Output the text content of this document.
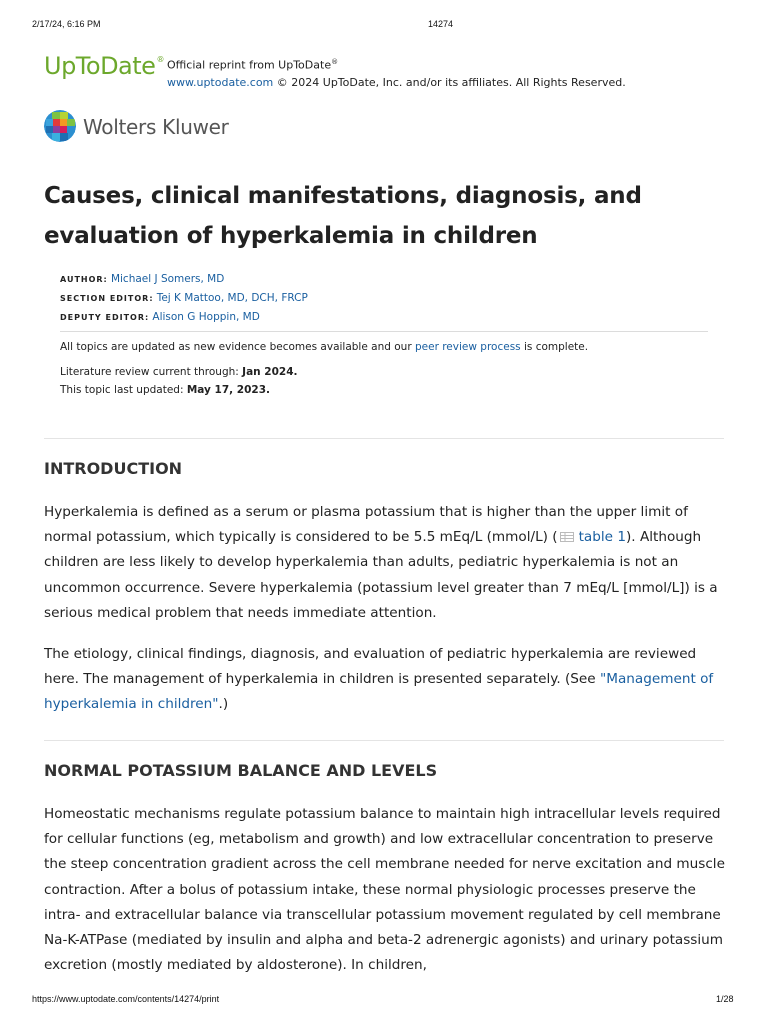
2/17/24, 6:16 PM	14274
UpToDate® Official reprint from UpToDate®
www.uptodate.com © 2024 UpToDate, Inc. and/or its affiliates. All Rights Reserved.
Wolters Kluwer
Causes, clinical manifestations, diagnosis, and evaluation of hyperkalemia in children
AUTHOR: Michael J Somers, MD
SECTION EDITOR: Tej K Mattoo, MD, DCH, FRCP
DEPUTY EDITOR: Alison G Hoppin, MD
All topics are updated as new evidence becomes available and our peer review process is complete.
Literature review current through: Jan 2024.
This topic last updated: May 17, 2023.
INTRODUCTION

Hyperkalemia is defined as a serum or plasma potassium that is higher than the upper limit of normal potassium, which typically is considered to be 5.5 mEq/L (mmol/L) ( table 1). Although children are less likely to develop hyperkalemia than adults, pediatric hyperkalemia is not an uncommon occurrence. Severe hyperkalemia (potassium level greater than 7 mEq/L [mmol/L]) is a serious medical problem that needs immediate attention.

The etiology, clinical findings, diagnosis, and evaluation of pediatric hyperkalemia are reviewed here. The management of hyperkalemia in children is presented separately. (See "Management of hyperkalemia in children".)

NORMAL POTASSIUM BALANCE AND LEVELS

Homeostatic mechanisms regulate potassium balance to maintain high intracellular levels required for cellular functions (eg, metabolism and growth) and low extracellular concentration to preserve the steep concentration gradient across the cell membrane needed for nerve excitation and muscle contraction. After a bolus of potassium intake, these normal physiologic processes preserve the intra- and extracellular balance via transcellular potassium movement regulated by cell membrane Na-K-ATPase (mediated by insulin and alpha and beta-2 adrenergic agonists) and urinary potassium excretion (mostly mediated by aldosterone). In children,

https://www.uptodate.com/contents/14274/print	1/28
